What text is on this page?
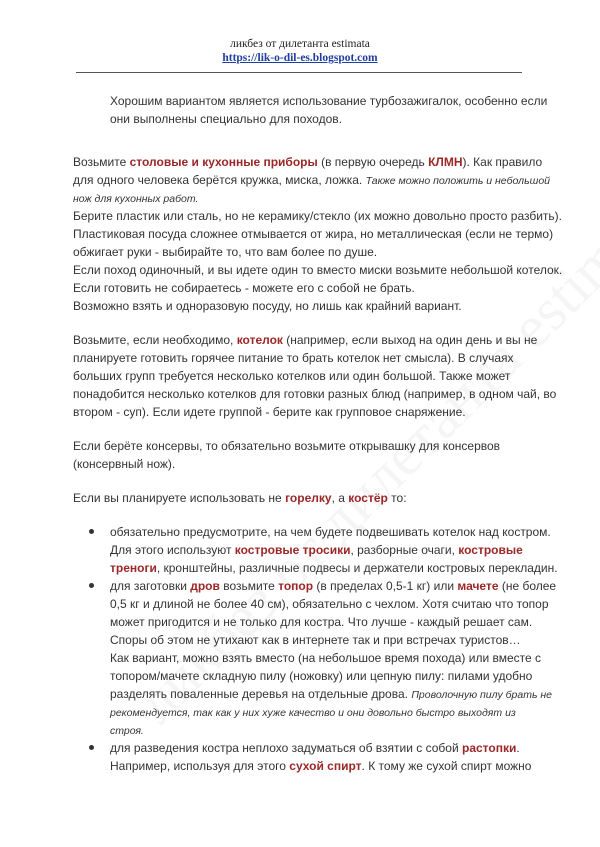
ликбез от дилетанта estimata
https://lik-o-dil-es.blogspot.com
Хорошим вариантом является использование турбозажигалок, особенно если
они выполнены специально для походов.
Возьмите столовые и кухонные приборы (в первую очередь КЛМН). Как правило
для одного человека берётся кружка, миска, ложка. Также можно положить и небольшой
нож для кухонных работ.
Берите пластик или сталь, но не керамику/стекло (их можно довольно просто разбить).
Пластиковая посуда сложнее отмывается от жира, но металлическая (если не термо)
обжигает руки - выбирайте то, что вам более по душе.
Если поход одиночный, и вы идете один то вместо миски возьмите небольшой котелок.
Если готовить не собираетесь - можете его с собой не брать.
Возможно взять и одноразовую посуду, но лишь как крайний вариант.
Возьмите, если необходимо, котелок (например, если выход на один день и вы не
планируете готовить горячее питание то брать котелок нет смысла). В случаях
больших групп требуется несколько котелков или один большой. Также может
понадобится несколько котелков для готовки разных блюд (например, в одном чай, во
втором - суп). Если идете группой - берите как групповое снаряжение.
Если берёте консервы, то обязательно возьмите открывашку для консервов
(консервный нож).
Если вы планируете использовать не горелку, а костёр то:
обязательно предусмотрите, на чем будете подвешивать котелок над костром.
Для этого используют костровые тросики, разборные очаги, костровые
треноги, кронштейны, различные подвесы и держатели костровых перекладин.
для заготовки дров возьмите топор (в пределах 0,5-1 кг) или мачете (не более
0,5 кг и длиной не более 40 см), обязательно с чехлом. Хотя считаю что топор
может пригодится и не только для костра. Что лучше - каждый решает сам.
Споры об этом не утихают как в интернете так и при встречах туристов…
Как вариант, можно взять вместо (на небольшое время похода) или вместе с
топором/мачете складную пилу (ножовку) или цепную пилу: пилами удобно
разделять поваленные деревья на отдельные дрова. Проволочную пилу брать не
рекомендуется, так как у них хуже качество и они довольно быстро выходят из
строя.
для разведения костра неплохо задуматься об взятии с собой растопки.
Например, используя для этого сухой спирт. К тому же сухой спирт можно
